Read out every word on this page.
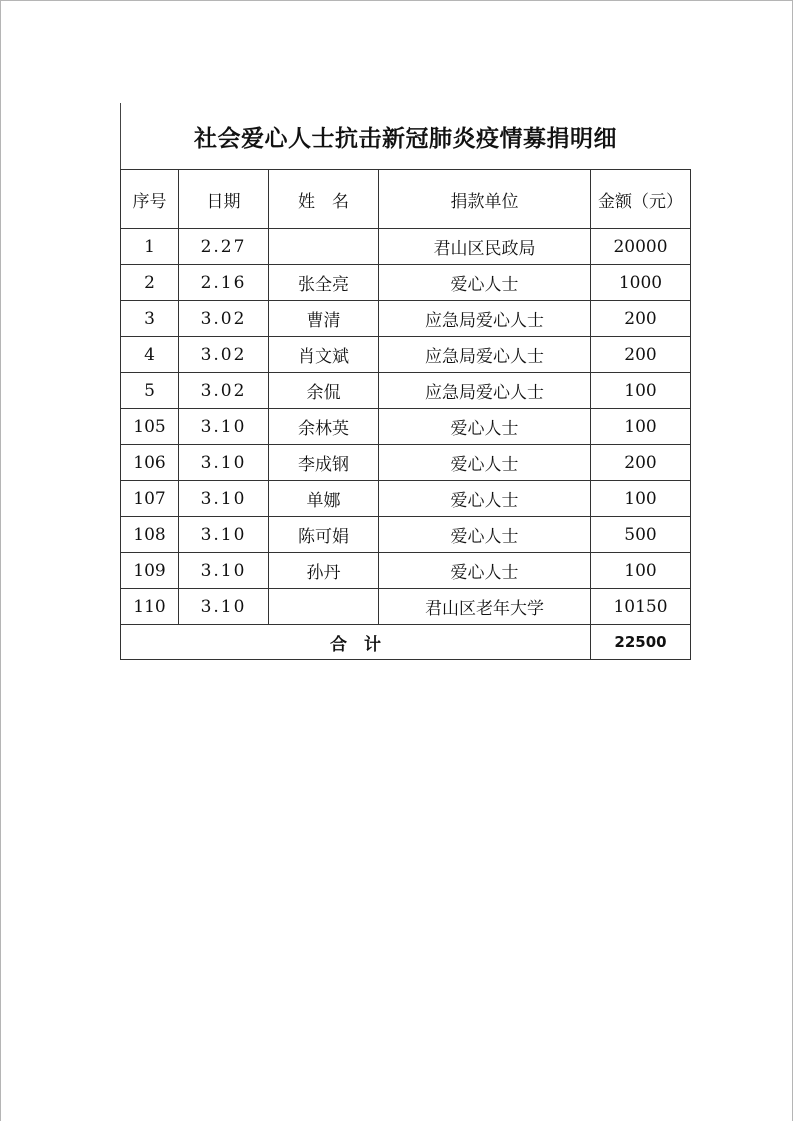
社会爱心人士抗击新冠肺炎疫情募捐明细
序号	日期	姓　名	捐款单位	金额（元）
1	2.27		君山区民政局	20000
2	2.16	张全亮	爱心人士	1000
3	3.02	曹清	应急局爱心人士	200
4	3.02	肖文斌	应急局爱心人士	200
5	3.02	余侃	应急局爱心人士	100
105	3.10	余林英	爱心人士	100
106	3.10	李成钢	爱心人士	200
107	3.10	单娜	爱心人士	100
108	3.10	陈可娟	爱心人士	500
109	3.10	孙丹	爱心人士	100
110	3.10		君山区老年大学	10150
合　计				22500
